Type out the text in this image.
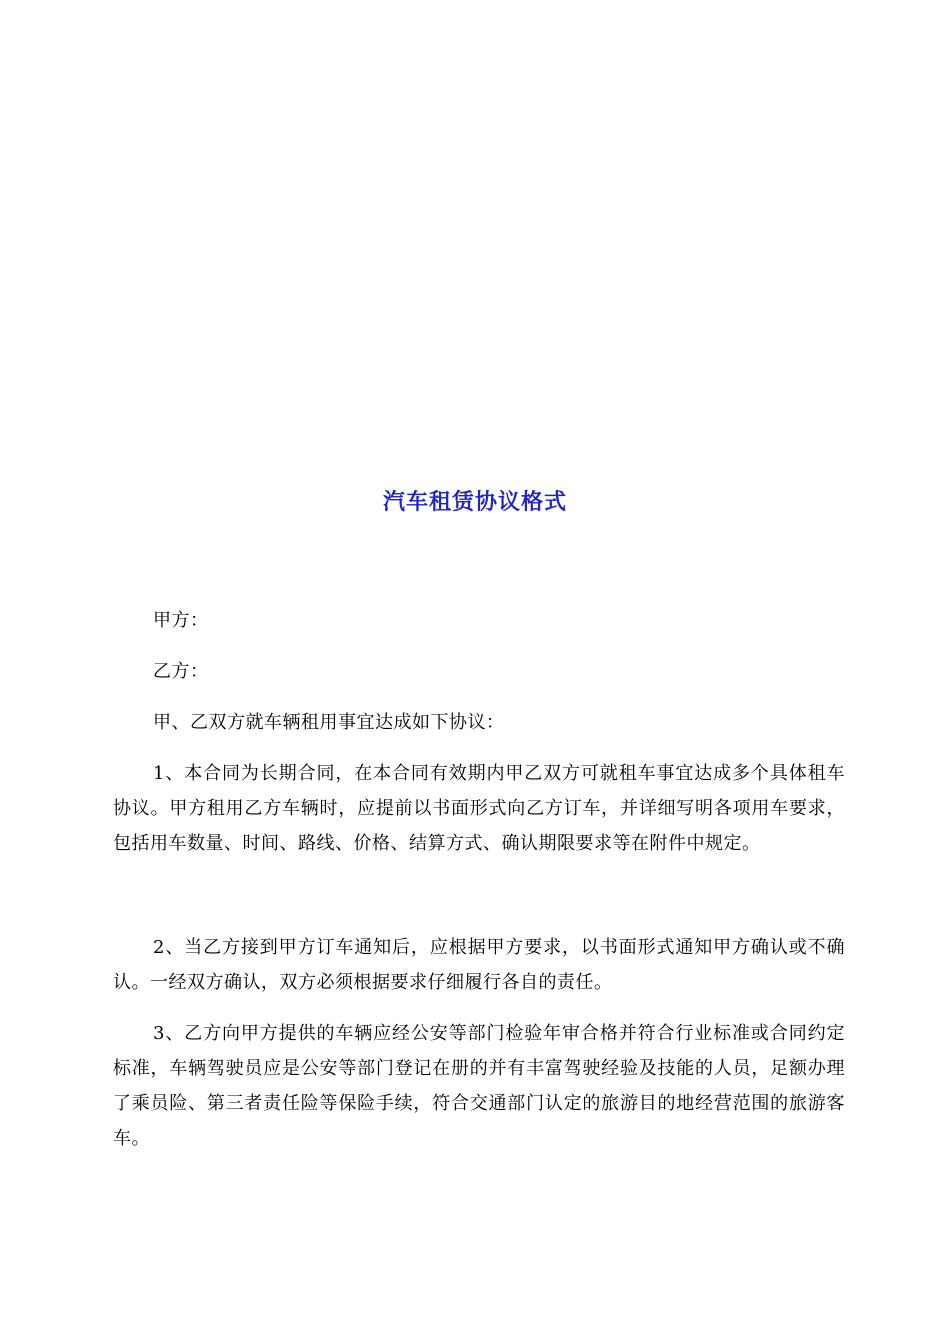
汽车租赁协议格式

甲方：

乙方：

甲、乙双方就车辆租用事宜达成如下协议：

1、本合同为长期合同，在本合同有效期内甲乙双方可就租车事宜达成多个具体租车协议。甲方租用乙方车辆时，应提前以书面形式向乙方订车，并详细写明各项用车要求，包括用车数量、时间、路线、价格、结算方式、确认期限要求等在附件中规定。

2、当乙方接到甲方订车通知后，应根据甲方要求，以书面形式通知甲方确认或不确认。一经双方确认，双方必须根据要求仔细履行各自的责任。

3、乙方向甲方提供的车辆应经公安等部门检验年审合格并符合行业标准或合同约定标准，车辆驾驶员应是公安等部门登记在册的并有丰富驾驶经验及技能的人员，足额办理了乘员险、第三者责任险等保险手续，符合交通部门认定的旅游目的地经营范围的旅游客车。
